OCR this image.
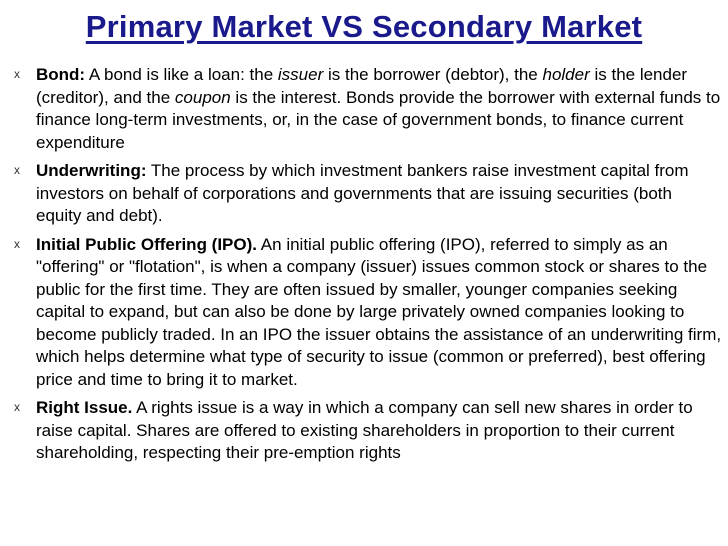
Primary Market VS Secondary Market
x Bond: A bond is like a loan: the issuer is the borrower (debtor), the holder is the lender (creditor), and the coupon is the interest. Bonds provide the borrower with external funds to finance long-term investments, or, in the case of government bonds, to finance current expenditure
x Underwriting: The process by which investment bankers raise investment capital from investors on behalf of corporations and governments that are issuing securities (both equity and debt).
x Initial Public Offering (IPO). An initial public offering (IPO), referred to simply as an "offering" or "flotation", is when a company (issuer) issues common stock or shares to the public for the first time. They are often issued by smaller, younger companies seeking capital to expand, but can also be done by large privately owned companies looking to become publicly traded. In an IPO the issuer obtains the assistance of an underwriting firm, which helps determine what type of security to issue (common or preferred), best offering price and time to bring it to market.
x Right Issue. A rights issue is a way in which a company can sell new shares in order to raise capital. Shares are offered to existing shareholders in proportion to their current shareholding, respecting their pre-emption rights
